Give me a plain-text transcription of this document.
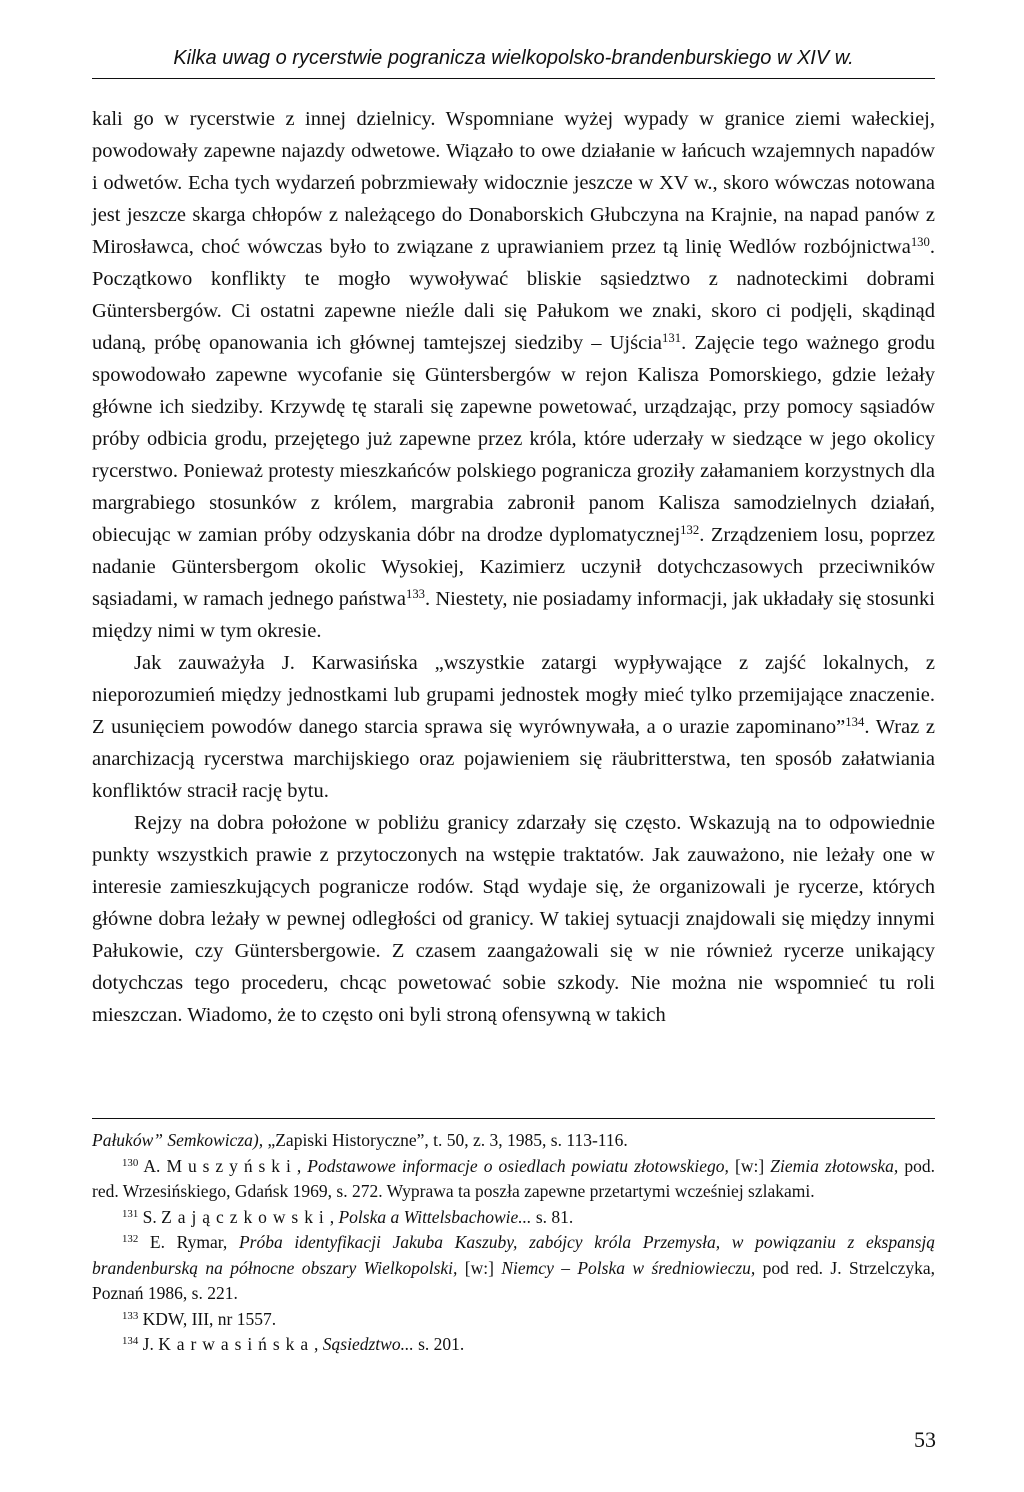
Kilka uwag o rycerstwie pogranicza wielkopolsko-brandenburskiego w XIV w.

kali go w rycerstwie z innej dzielnicy. Wspomniane wyżej wypady w granice ziemi wałeckiej, powodowały zapewne najazdy odwetowe. Wiązało to owe działanie w łańcuch wzajemnych napadów i odwetów. Echa tych wydarzeń pobrzmiewały widocznie jeszcze w XV w., skoro wówczas notowana jest jeszcze skarga chłopów z należącego do Donaborskich Głubczyna na Krajnie, na napad panów z Mirosławca, choć wówczas było to związane z uprawianiem przez tą linię Wedlów rozbójnictwa$^{130}$. Początkowo konflikty te mogło wywoływać bliskie sąsiedztwo z nadnoteckimi dobrami Güntersbergów. Ci ostatni zapewne nieźle dali się Pałukom we znaki, skoro ci podjęli, skądinąd udaną, próbę opanowania ich głównej tamtejszej siedziby – Ujścia$^{131}$. Zajęcie tego ważnego grodu spowodowało zapewne wycofanie się Güntersbergów w rejon Kalisza Pomorskiego, gdzie leżały główne ich siedziby. Krzywdę tę starali się zapewne powetować, urządzając, przy pomocy sąsiadów próby odbicia grodu, przejętego już zapewne przez króla, które uderzały w siedzące w jego okolicy rycerstwo. Ponieważ protesty mieszkańców polskiego pogranicza groziły załamaniem korzystnych dla margrabiego stosunków z królem, margrabia zabronił panom Kalisza samodzielnych działań, obiecując w zamian próby odzyskania dóbr na drodze dyplomatycznej$^{132}$. Zrządzeniem losu, poprzez nadanie Güntersbergom okolic Wysokiej, Kazimierz uczynił dotychczasowych przeciwników sąsiadami, w ramach jednego państwa$^{133}$. Niestety, nie posiadamy informacji, jak układały się stosunki między nimi w tym okresie.

Jak zauważyła J. Karwasińska „wszystkie zatargi wypływające z zajść lokalnych, z nieporozumień między jednostkami lub grupami jednostek mogły mieć tylko przemijające znaczenie. Z usunięciem powodów danego starcia sprawa się wyrównywała, a o urazie zapominano”$^{134}$. Wraz z anarchizacją rycerstwa marchijskiego oraz pojawieniem się räubritterstwa, ten sposób załatwiania konfliktów stracił rację bytu.

Rejzy na dobra położone w pobliżu granicy zdarzały się często. Wskazują na to odpowiednie punkty wszystkich prawie z przytoczonych na wstępie traktatów. Jak zauważono, nie leżały one w interesie zamieszkujących pogranicze rodów. Stąd wydaje się, że organizowali je rycerze, których główne dobra leżały w pewnej odległości od granicy. W takiej sytuacji znajdowali się między innymi Pałukowie, czy Güntersbergowie. Z czasem zaangażowali się w nie również rycerze unikający dotychczas tego procederu, chcąc powetować sobie szkody. Nie można nie wspomnieć tu roli mieszczan. Wiadomo, że to często oni byli stroną ofensywną w takich

Pałuków” Semkowicza), „Zapiski Historyczne”, t. 50, z. 3, 1985, s. 113-116.

$^{130}$ A. Muszyński, Podstawowe informacje o osiedlach powiatu złotowskiego, [w:] Ziemia złotowska, pod. red. Wrzesińskiego, Gdańsk 1969, s. 272. Wyprawa ta poszła zapewne przetartymi wcześniej szlakami.

$^{131}$ S. Zajączkowski, Polska a Wittelsbachowie... s. 81.

$^{132}$ E. Rymar, Próba identyfikacji Jakuba Kaszuby, zabójcy króla Przemysła, w powiązaniu z ekspansją brandenburską na północne obszary Wielkopolski, [w:] Niemcy – Polska w średniowieczu, pod red. J. Strzelczyka, Poznań 1986, s. 221.

$^{133}$ KDW, III, nr 1557.

$^{134}$ J. Karwasińska, Sąsiedztwo... s. 201.

53
